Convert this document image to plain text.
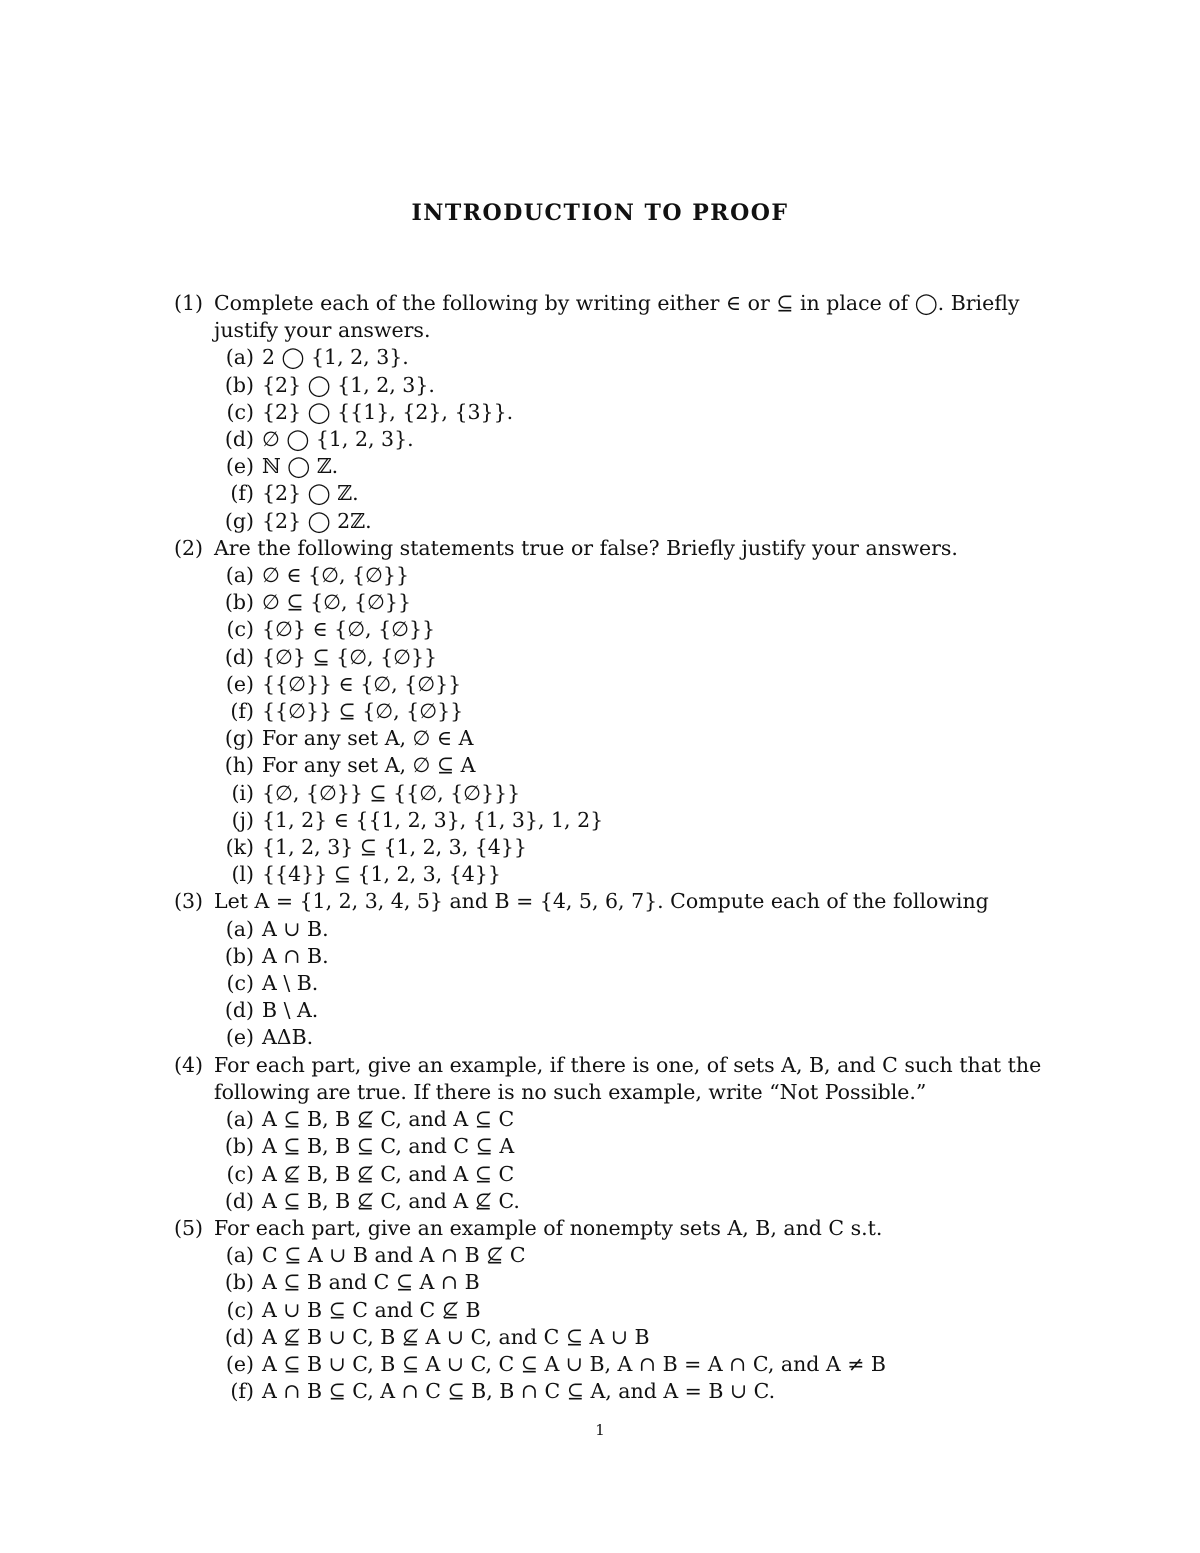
INTRODUCTION TO PROOF
(1) Complete each of the following by writing either ∈ or ⊆ in place of ◯. Briefly justify your answers.
(a) 2 ◯ {1, 2, 3}.
(b) {2} ◯ {1, 2, 3}.
(c) {2} ◯ {{1}, {2}, {3}}.
(d) ∅ ◯ {1, 2, 3}.
(e) ℕ ◯ ℤ.
(f) {2} ◯ ℤ.
(g) {2} ◯ 2ℤ.
(2) Are the following statements true or false? Briefly justify your answers.
(a) ∅ ∈ {∅, {∅}}
(b) ∅ ⊆ {∅, {∅}}
(c) {∅} ∈ {∅, {∅}}
(d) {∅} ⊆ {∅, {∅}}
(e) {{∅}} ∈ {∅, {∅}}
(f) {{∅}} ⊆ {∅, {∅}}
(g) For any set A, ∅ ∈ A
(h) For any set A, ∅ ⊆ A
(i) {∅, {∅}} ⊆ {{∅, {∅}}}
(j) {1, 2} ∈ {{1, 2, 3}, {1, 3}, 1, 2}
(k) {1, 2, 3} ⊆ {1, 2, 3, {4}}
(l) {{4}} ⊆ {1, 2, 3, {4}}
(3) Let A = {1, 2, 3, 4, 5} and B = {4, 5, 6, 7}. Compute each of the following
(a) A ∪ B.
(b) A ∩ B.
(c) A \ B.
(d) B \ A.
(e) AΔB.
(4) For each part, give an example, if there is one, of sets A, B, and C such that the following are true. If there is no such example, write “Not Possible.”
(a) A ⊆ B, B ⊈ C, and A ⊆ C
(b) A ⊆ B, B ⊆ C, and C ⊆ A
(c) A ⊈ B, B ⊈ C, and A ⊆ C
(d) A ⊆ B, B ⊈ C, and A ⊈ C.
(5) For each part, give an example of nonempty sets A, B, and C s.t.
(a) C ⊆ A ∪ B and A ∩ B ⊈ C
(b) A ⊆ B and C ⊆ A ∩ B
(c) A ∪ B ⊆ C and C ⊈ B
(d) A ⊈ B ∪ C, B ⊈ A ∪ C, and C ⊆ A ∪ B
(e) A ⊆ B ∪ C, B ⊆ A ∪ C, C ⊆ A ∪ B, A ∩ B = A ∩ C, and A ≠ B
(f) A ∩ B ⊆ C, A ∩ C ⊆ B, B ∩ C ⊆ A, and A = B ∪ C.
1
